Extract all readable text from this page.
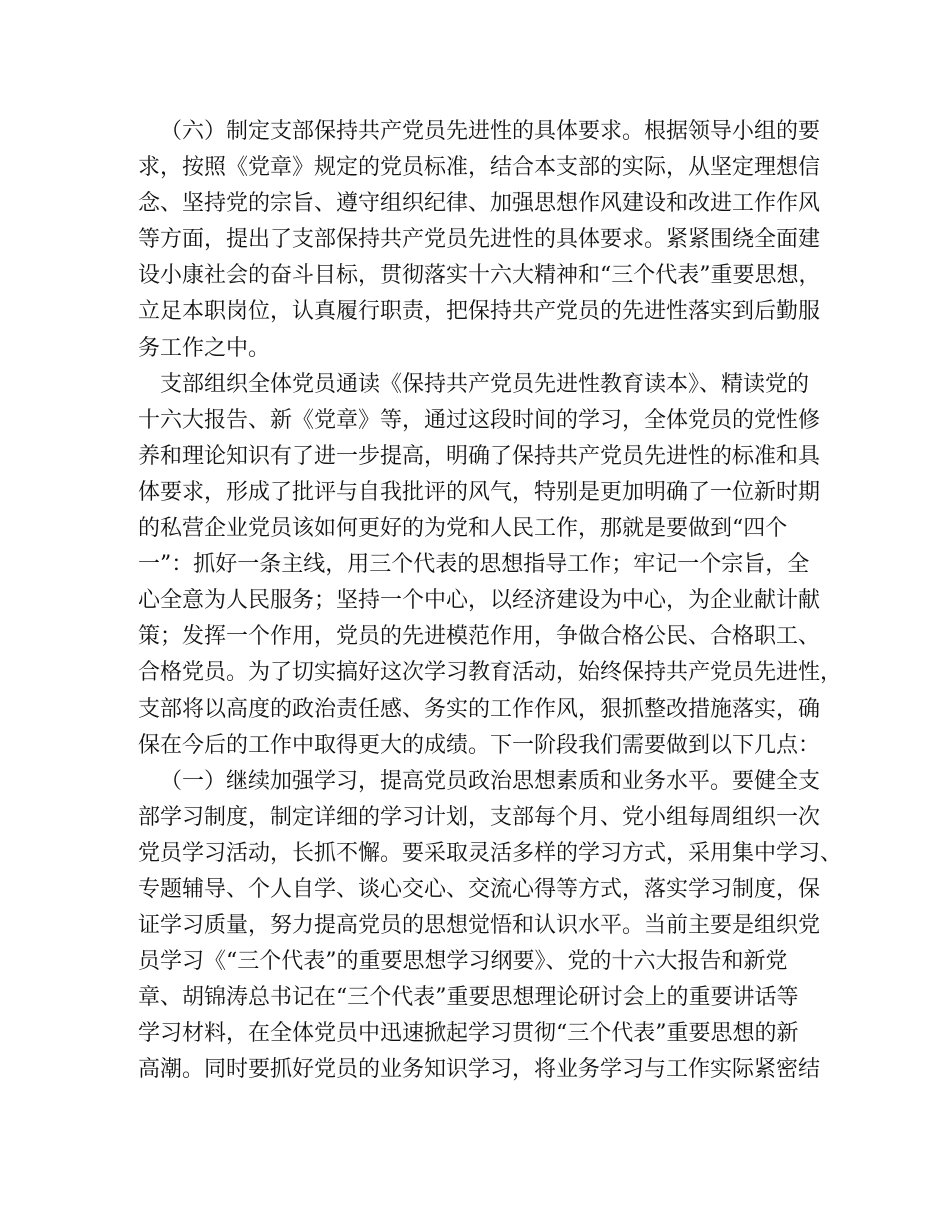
（六）制定支部保持共产党员先进性的具体要求。根据领导小组的要
求，按照《党章》规定的党员标准，结合本支部的实际，从坚定理想信
念、坚持党的宗旨、遵守组织纪律、加强思想作风建设和改进工作作风
等方面，提出了支部保持共产党员先进性的具体要求。紧紧围绕全面建
设小康社会的奋斗目标，贯彻落实十六大精神和“三个代表”重要思想，
立足本职岗位，认真履行职责，把保持共产党员的先进性落实到后勤服
务工作之中。
支部组织全体党员通读《保持共产党员先进性教育读本》、精读党的
十六大报告、新《党章》等，通过这段时间的学习，全体党员的党性修
养和理论知识有了进一步提高，明确了保持共产党员先进性的标准和具
体要求，形成了批评与自我批评的风气，特别是更加明确了一位新时期
的私营企业党员该如何更好的为党和人民工作，那就是要做到“四个
一”：抓好一条主线，用三个代表的思想指导工作；牢记一个宗旨，全
心全意为人民服务；坚持一个中心，以经济建设为中心，为企业献计献
策；发挥一个作用，党员的先进模范作用，争做合格公民、合格职工、
合格党员。为了切实搞好这次学习教育活动，始终保持共产党员先进性，
支部将以高度的政治责任感、务实的工作作风，狠抓整改措施落实，确
保在今后的工作中取得更大的成绩。下一阶段我们需要做到以下几点：
（一）继续加强学习，提高党员政治思想素质和业务水平。要健全支
部学习制度，制定详细的学习计划，支部每个月、党小组每周组织一次
党员学习活动，长抓不懈。要采取灵活多样的学习方式，采用集中学习、
专题辅导、个人自学、谈心交心、交流心得等方式，落实学习制度，保
证学习质量，努力提高党员的思想觉悟和认识水平。当前主要是组织党
员学习《“三个代表”的重要思想学习纲要》、党的十六大报告和新党
章、胡锦涛总书记在“三个代表”重要思想理论研讨会上的重要讲话等
学习材料，在全体党员中迅速掀起学习贯彻“三个代表”重要思想的新
高潮。同时要抓好党员的业务知识学习，将业务学习与工作实际紧密结
